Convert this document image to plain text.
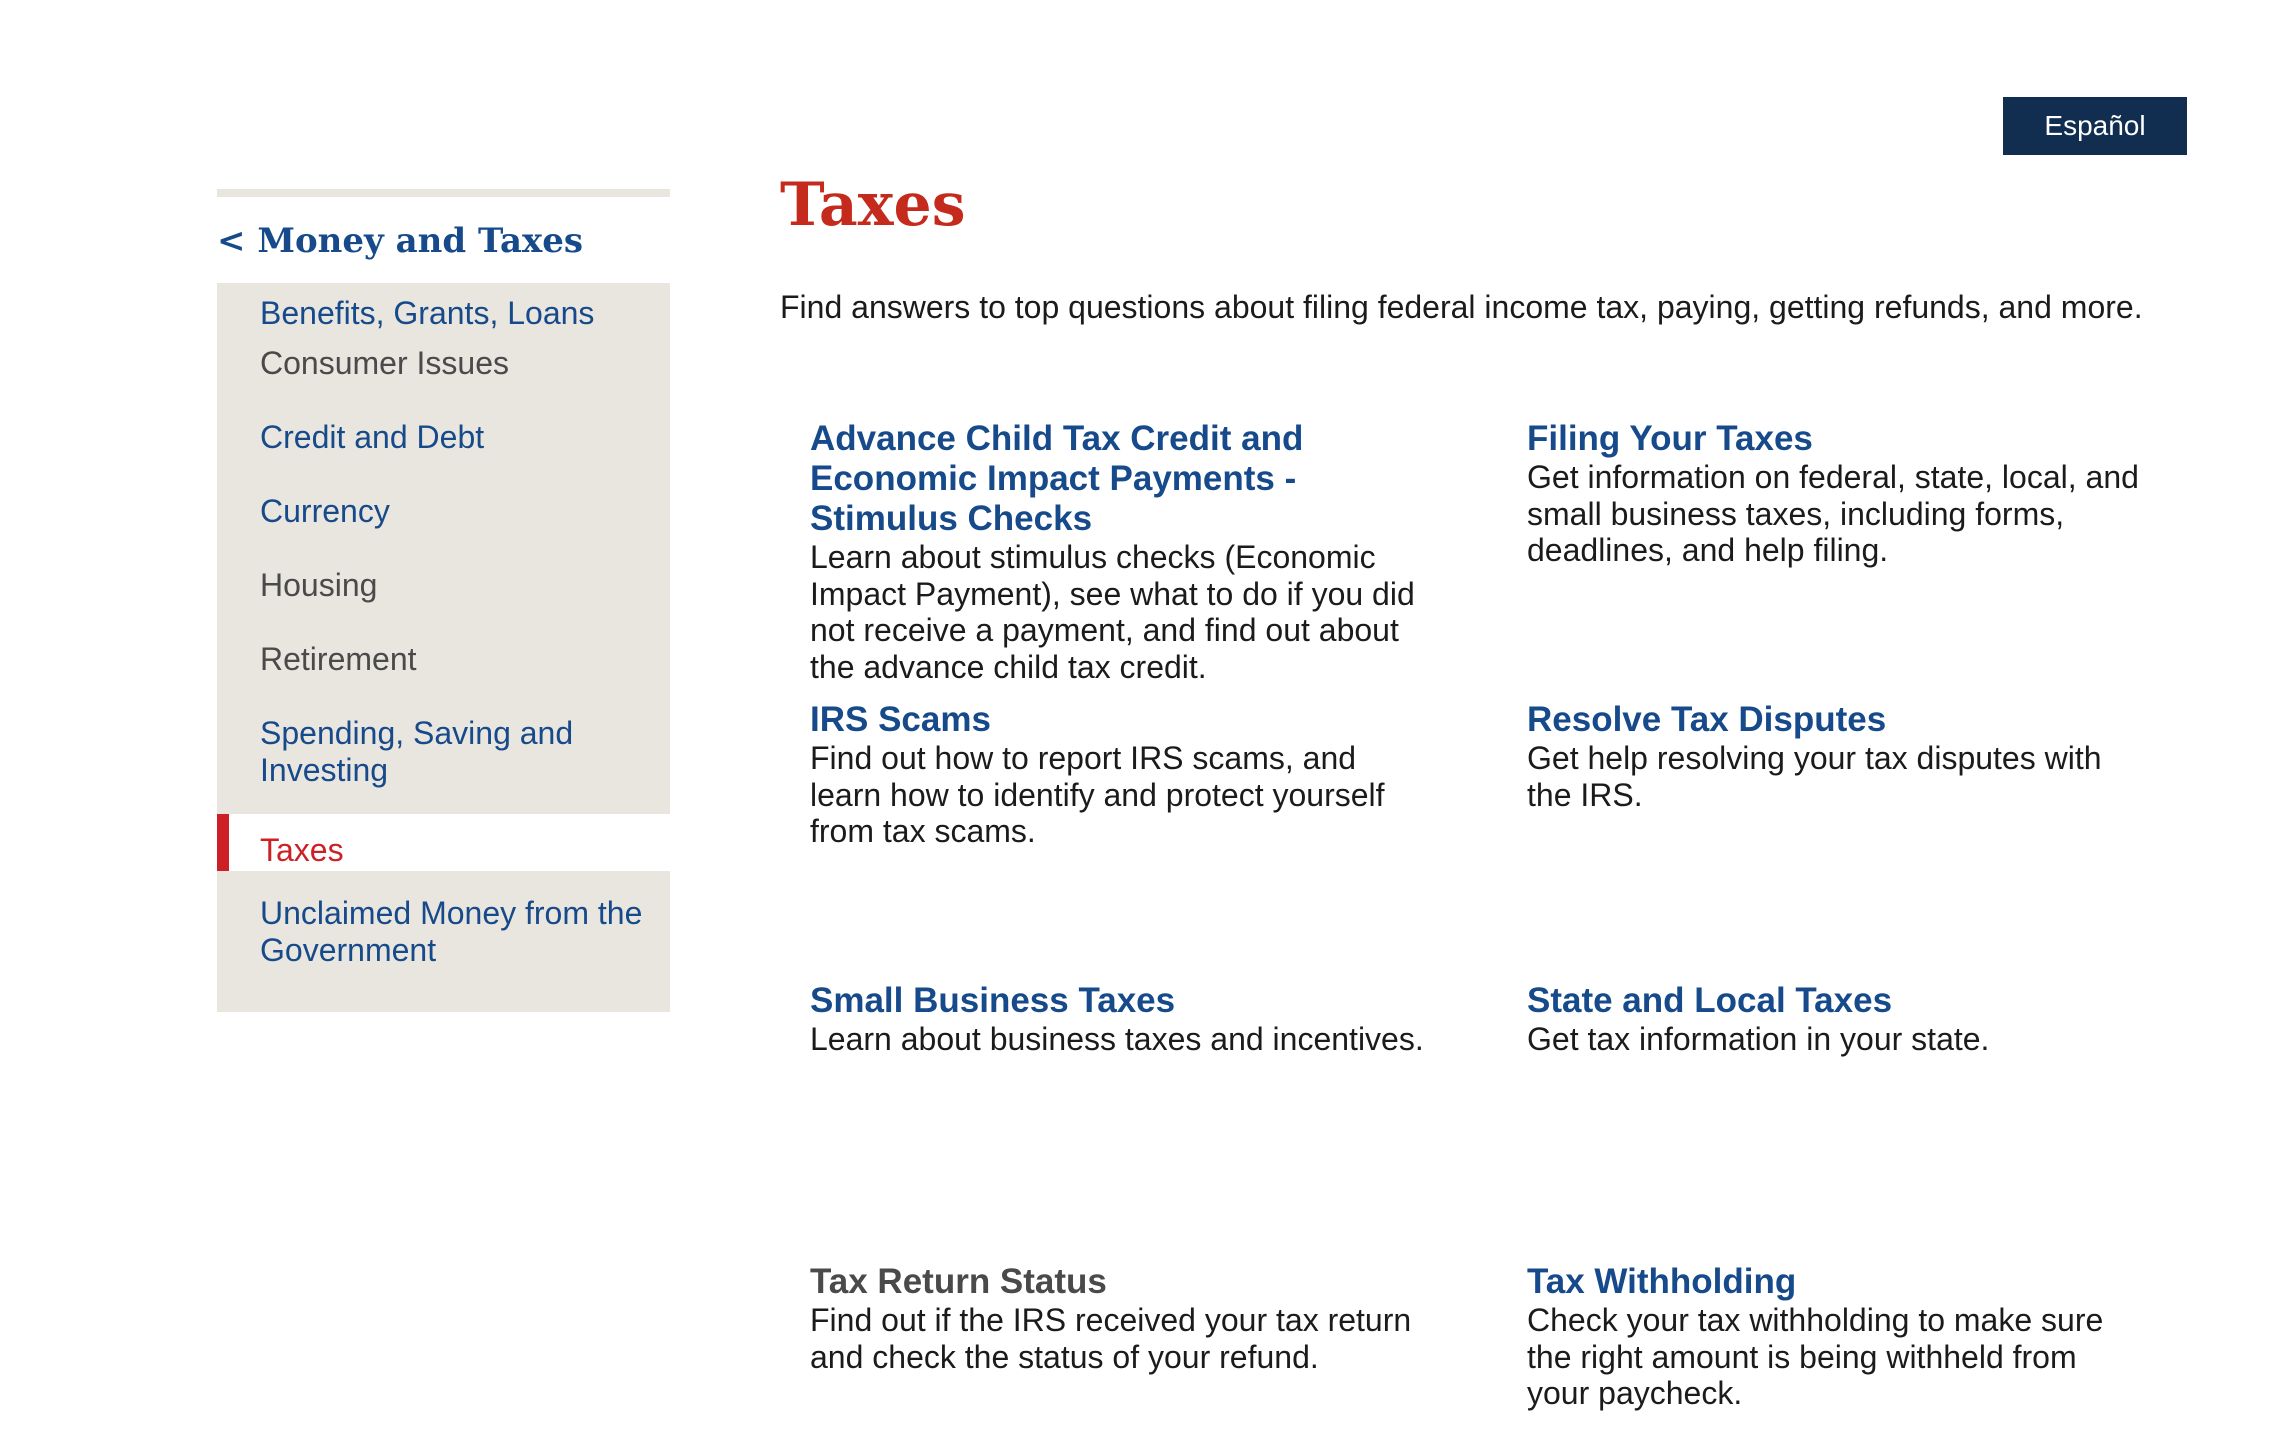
Español
< Money and Taxes
Benefits, Grants, Loans
Consumer Issues
Credit and Debt
Currency
Housing
Retirement
Spending, Saving and Investing
Taxes
Unclaimed Money from the Government
Taxes

Find answers to top questions about filing federal income tax, paying, getting refunds, and more.

Advance Child Tax Credit and Economic Impact Payments - Stimulus Checks

Learn about stimulus checks (Economic Impact Payment), see what to do if you did not receive a payment, and find out about the advance child tax credit.

Filing Your Taxes

Get information on federal, state, local, and small business taxes, including forms, deadlines, and help filing.

IRS Scams

Find out how to report IRS scams, and learn how to identify and protect yourself from tax scams.

Resolve Tax Disputes

Get help resolving your tax disputes with the IRS.

Small Business Taxes

Learn about business taxes and incentives.

State and Local Taxes

Get tax information in your state.

Tax Return Status

Find out if the IRS received your tax return and check the status of your refund.

Tax Withholding

Check your tax withholding to make sure the right amount is being withheld from your paycheck.
